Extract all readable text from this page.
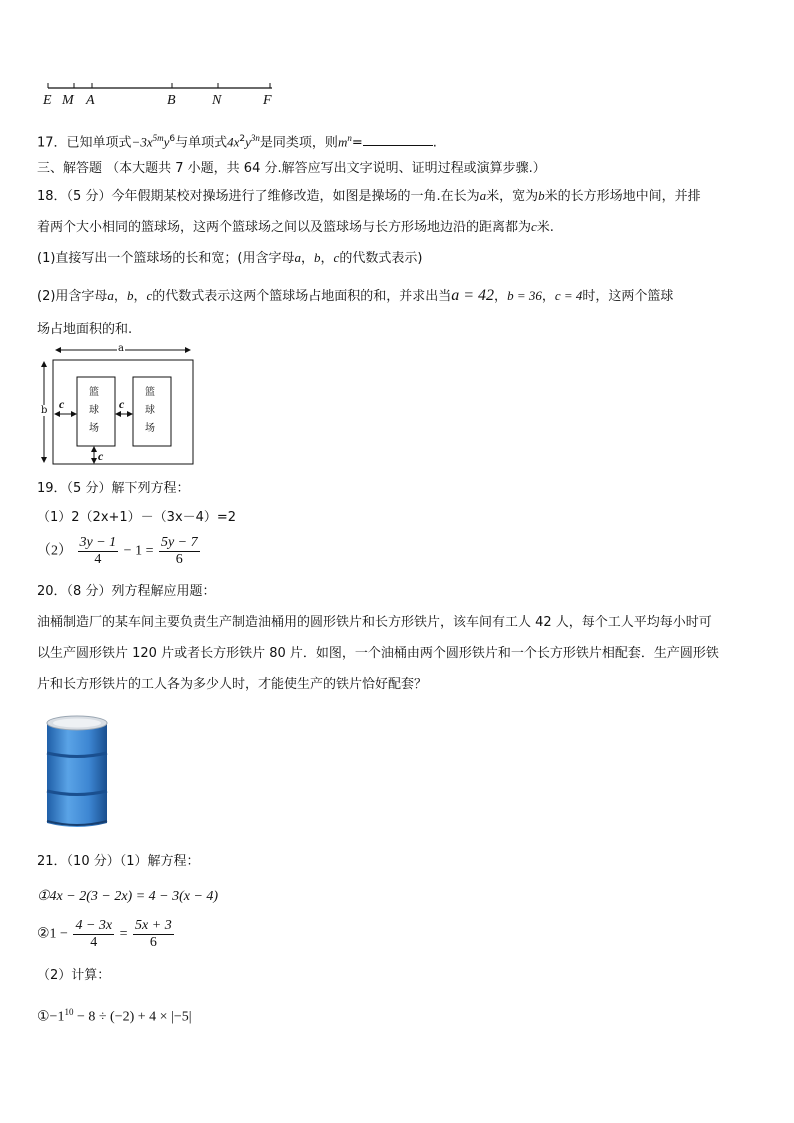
E M A	B	N	F
17．已知单项式$-3x^{5m}y^6$与单项式$4x^2y^{3n}$是同类项，则$m^n=$	.
三、解答题 （本大题共 7 小题，共 64 分.解答应写出文字说明、证明过程或演算步骤.）
18．（5 分）今年假期某校对操场进行了维修改造，如图是操场的一角.在长为a米，宽为b米的长方形场地中间，并排
着两个大小相同的篮球场，这两个篮球场之间以及篮球场与长方形场地边沿的距离都为c米.
(1)直接写出一个篮球场的长和宽；(用含字母a，b，c的代数式表示)
(2)用含字母a，b，c的代数式表示这两个篮球场占地面积的和，并求出当a = 42，b = 36，c = 4时，这两个篮球
场占地面积的和.
a
b c	c
c
篮
球
场
篮
球
场
19．（5 分）解下列方程：
（1）2（2x+1）－（3x－4）=2
$(2) \frac{3y - 1}{4} - 1 = \frac{5y - 7}{6}$
20．（8 分）列方程解应用题：
油桶制造厂的某车间主要负责生产制造油桶用的圆形铁片和长方形铁片，该车间有工人 42 人，每个工人平均每小时可
以生产圆形铁片 120 片或者长方形铁片 80 片．如图，一个油桶由两个圆形铁片和一个长方形铁片相配套．生产圆形铁
片和长方形铁片的工人各为多少人时，才能使生产的铁片恰好配套？
21．（10 分）（1）解方程：
①4x − 2(3 − 2x) = 4 − 3(x − 4)
②1 − $\frac{4 - 3x}{4} = \frac{5x + 3}{6}$
（2）计算：
$①-1^{10} - 8 \div (-2) + 4 \times |-5|$
